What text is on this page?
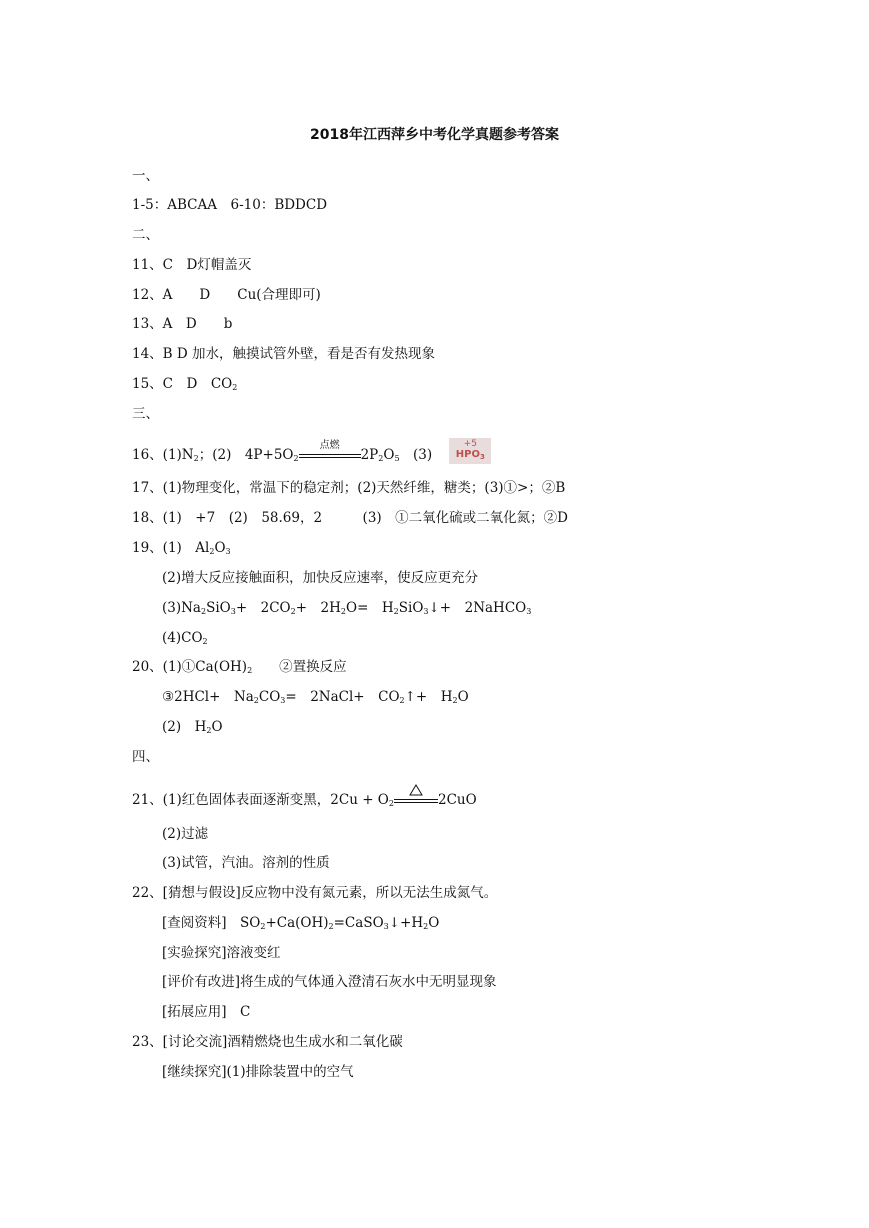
2018年江西萍乡中考化学真题参考答案
一、
1-5：ABCAA　6-10：BDDCD
二、
11、C　D灯帽盖灭
12、A　　D　　Cu(合理即可)
13、A　D　　b
14、B D 加水，触摸试管外壁，看是否有发热现象
15、C　D　$CO_2$
三、
16、$(1)N_2$；(2)　$4P+5O_2$
点燃
$2P_2O_5$　(3)
+5
$HPO_3$
17、(1)物理变化，常温下的稳定剂；(2)天然纤维，糖类；(3)①>；②B
18、(1)　+7　(2)　58.69，2　　　(3)　①二氧化硫或二氧化氮；②D
19、(1)　$Al_2O_3$
(2)增大反应接触面积，加快反应速率，使反应更充分
$(3)Na_2SiO_3+$　$2CO_2+$　$2H_2O=$　$H_2SiO_3↓+$　2NaHCO$_3$
$(4)CO_2$
20、$(1)①Ca(OH)_2$　　②置换反应
③2HCl+　$Na_2CO_3=$　2NaCl+　$CO_2↑+$　$H_2O$
(2)　$H_2O$
四、
21、(1)红色固体表面逐渐变黑，$2Cu + O_2$	2CuO
(2)过滤
(3)试管，汽油。溶剂的性质
22、[猜想与假设]反应物中没有氮元素，所以无法生成氮气。
[查阅资料]　$SO_2+Ca(OH)_2=CaSO_3↓+H_2O$
[实验探究]溶液变红
[评价有改进]将生成的气体通入澄清石灰水中无明显现象
[拓展应用]　C
23、[讨论交流]酒精燃烧也生成水和二氧化碳
[继续探究](1)排除装置中的空气
